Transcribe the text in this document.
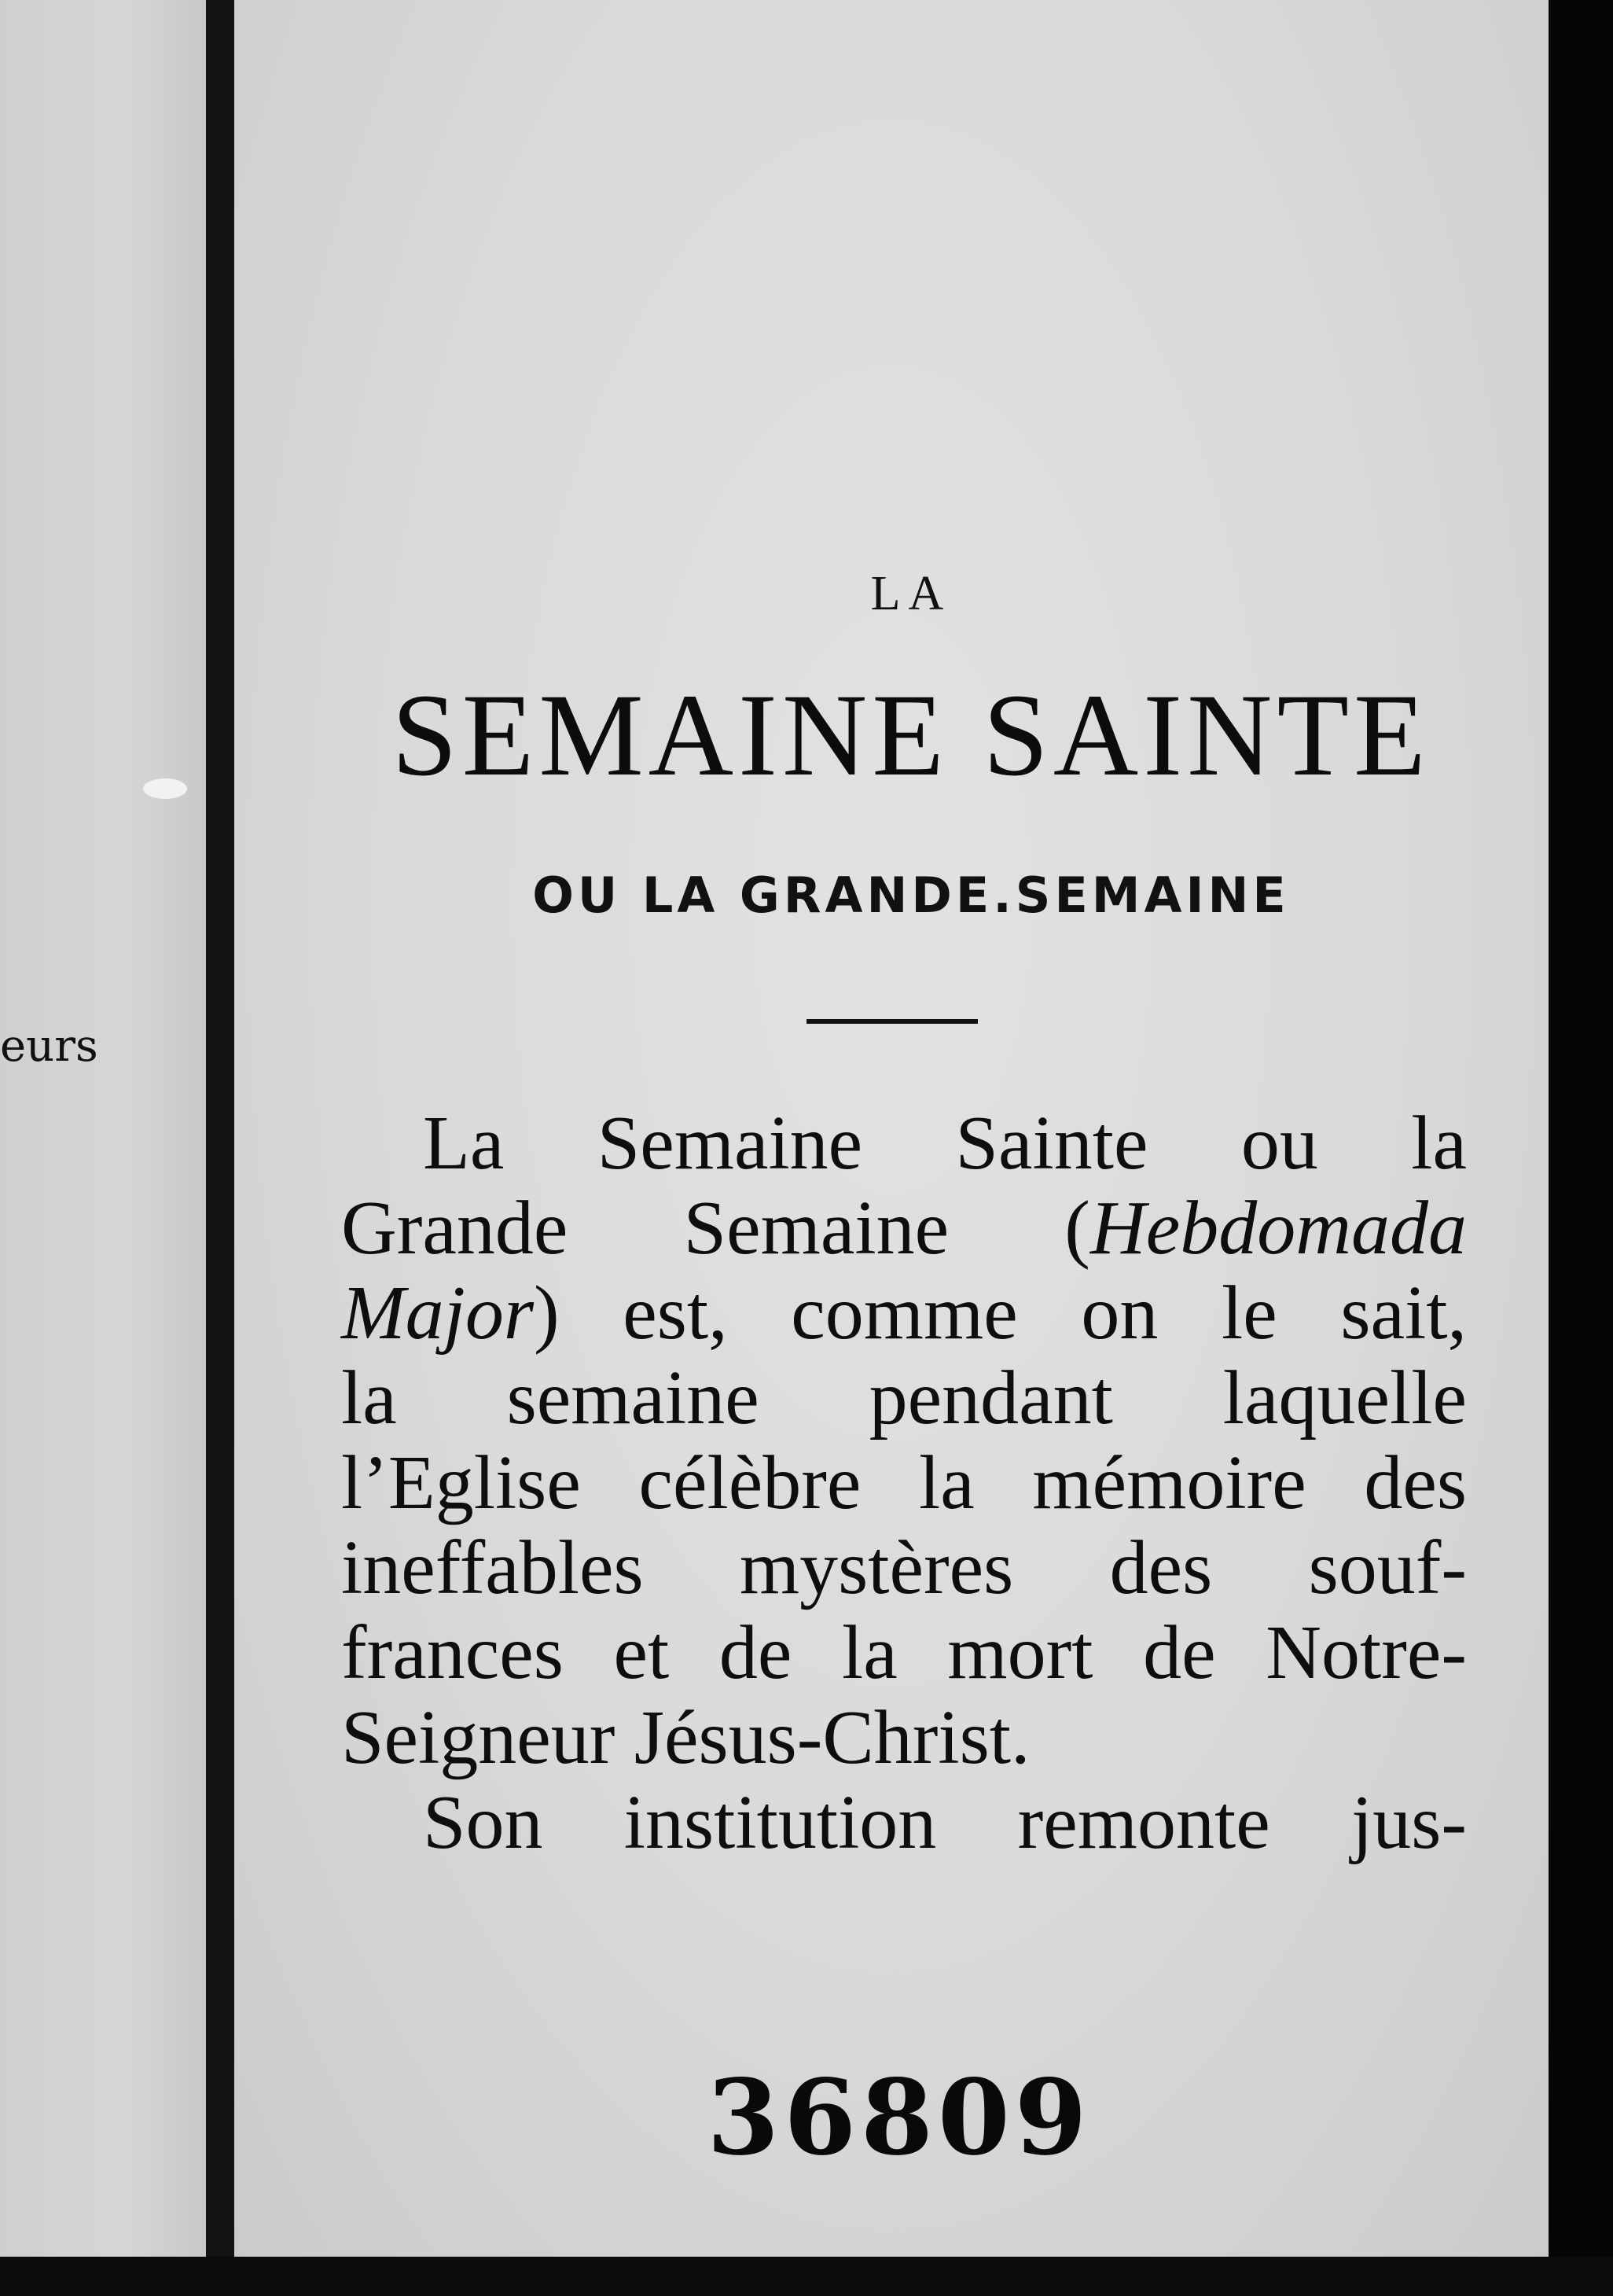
eurs
LA
SEMAINE SAINTE
OU LA GRANDE.SEMAINE
La Semaine Sainte ou la
Grande Semaine (Hebdomada
Major) est, comme on le sait,
la semaine pendant laquelle
l’Eglise célèbre la mémoire des
ineffables mystères des souf-
frances et de la mort de Notre-
Seigneur Jésus-Christ.
Son institution remonte jus-
36809
